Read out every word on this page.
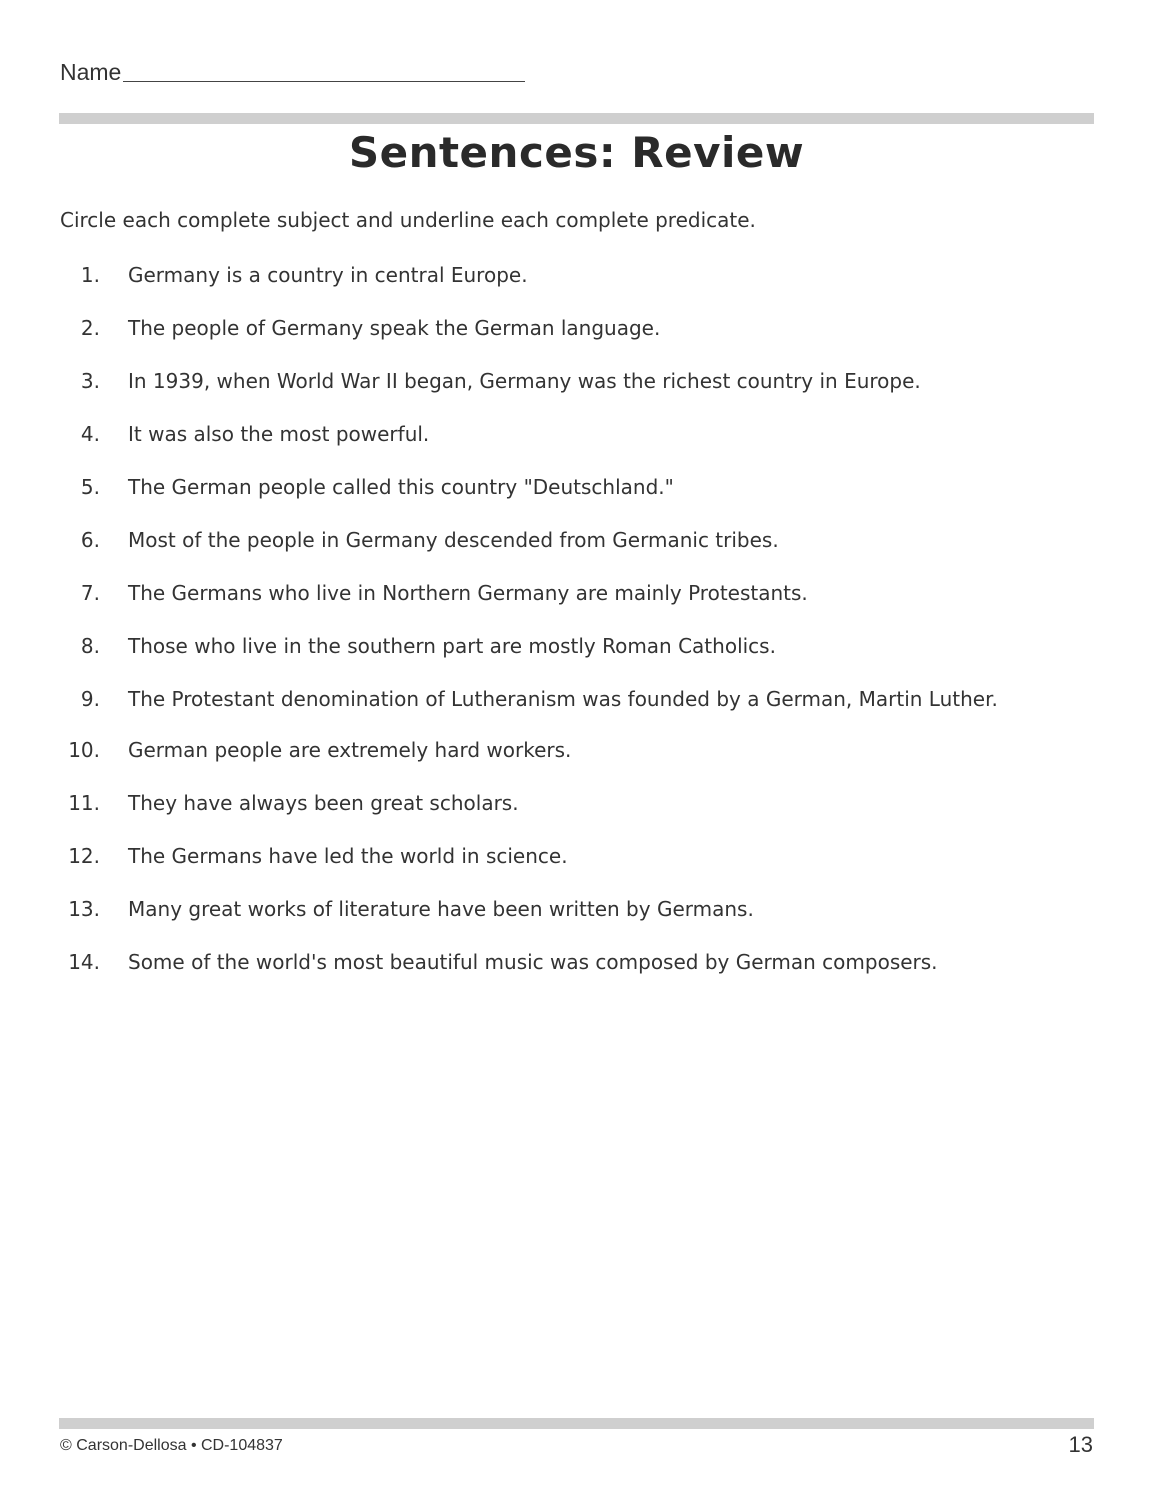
Name
Sentences: Review

Circle each complete subject and underline each complete predicate.

1. Germany is a country in central Europe.
2. The people of Germany speak the German language.
3. In 1939, when World War II began, Germany was the richest country in Europe.
4. It was also the most powerful.
5. The German people called this country "Deutschland."
6. Most of the people in Germany descended from Germanic tribes.
7. The Germans who live in Northern Germany are mainly Protestants.
8. Those who live in the southern part are mostly Roman Catholics.
9. The Protestant denomination of Lutheranism was founded by a German, Martin Luther.
10. German people are extremely hard workers.
11. They have always been great scholars.
12. The Germans have led the world in science.
13. Many great works of literature have been written by Germans.
14. Some of the world's most beautiful music was composed by German composers.
© Carson-Dellosa • CD-104837	13
